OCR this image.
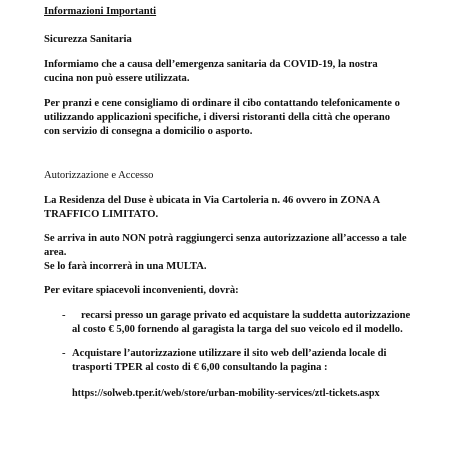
Informazioni Importanti

Sicurezza Sanitaria

Informiamo che a causa dell’emergenza sanitaria da COVID-19, la nostra

cucina non può essere utilizzata.

Per pranzi e cene consigliamo di ordinare il cibo contattando telefonicamente o

utilizzando applicazioni specifiche, i diversi ristoranti della città che operano

con servizio di consegna a domicilio o asporto.

Autorizzazione e Accesso

La Residenza del Duse è ubicata in Via Cartoleria n. 46 ovvero in ZONA A

TRAFFICO LIMITATO.

Se arriva in auto NON potrà raggiungerci senza autorizzazione all’accesso a tale

area.

Se lo farà incorrerà in una MULTA.

Per evitare spiacevoli inconvenienti, dovrà:

- recarsi presso un garage privato ed acquistare la suddetta autorizzazione

al costo € 5,00 fornendo al garagista la targa del suo veicolo ed il modello.

- Acquistare l’autorizzazione utilizzare il sito web dell’azienda locale di

trasporti TPER al costo di € 6,00 consultando la pagina :

https://solweb.tper.it/web/store/urban-mobility-services/ztl-tickets.aspx
